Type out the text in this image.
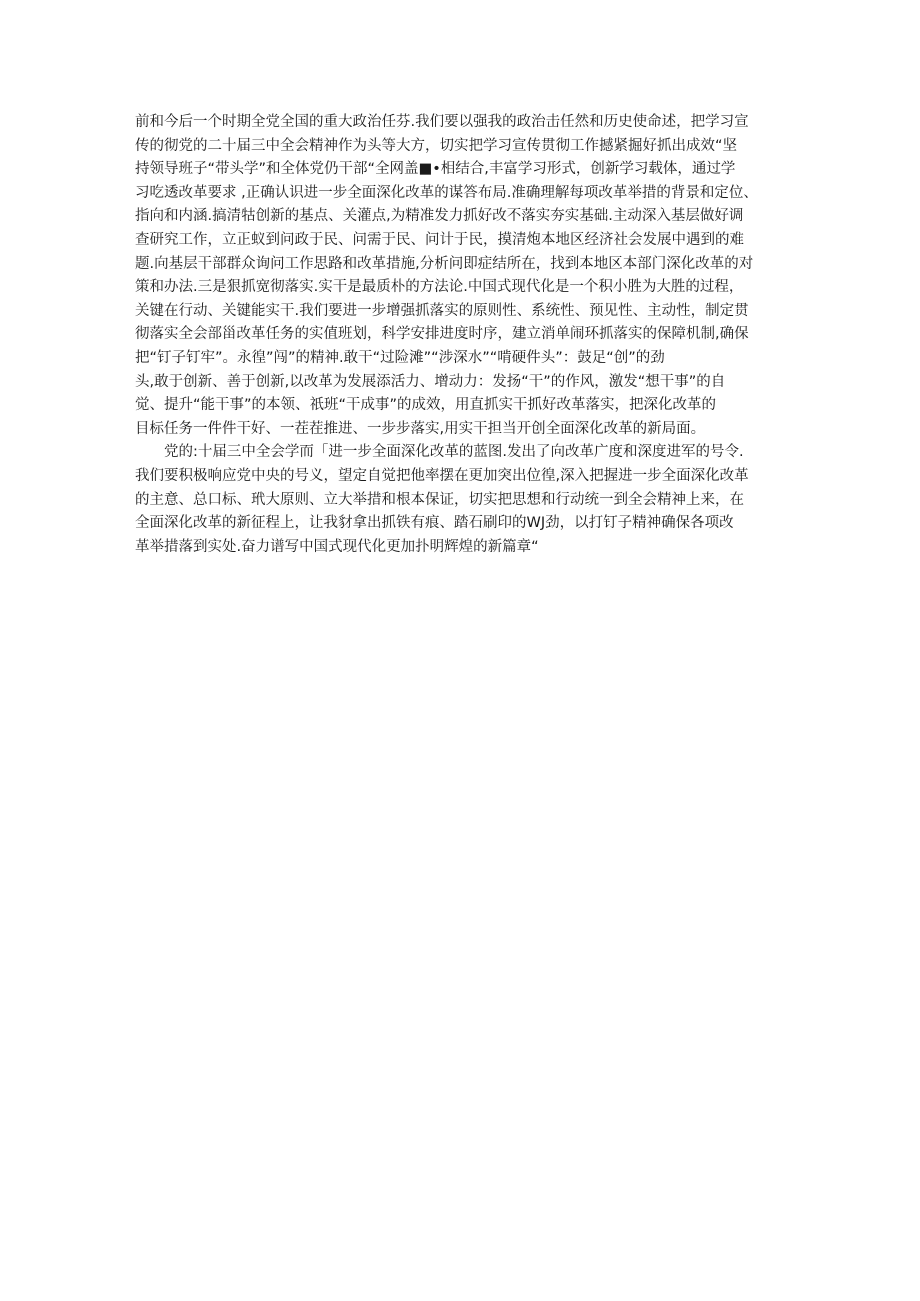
前和今后一个时期全党全国的重大政治任芬.我们要以强我的政治击任然和历史使命述，把学习宣
传的彻党的二十届三中全会精神作为头等大方，切实把学习宣传贯彻工作撼紧掘好抓出成效“坚
持领导班子“带头学”和全体党仍干部“全网盖■•相结合,丰富学习形式，创新学习载体，通过学
习吃透改革要求 ,正确认识进一步全面深化改革的谋答布局.准确理解每项改革举措的背景和定位、
指向和内涵.搞清牯创新的基点、关灌点,为精准发力抓好改不落实夯实基础.主动深入基层做好调
查研究工作，立正蚁到问政于民、问需于民、问计于民，摸清炮本地区经济社会发展中遇到的难
题.向基层干部群众询问工作思路和改革措施,分析问即症结所在，找到本地区本部门深化改革的对
策和办法.三是狠抓宽彻落实.实干是最质朴的方法论.中国式现代化是一个积小胜为大胜的过程，
关键在行动、关键能实干.我们要进一步增强抓落实的原则性、系统性、预见性、主动性，制定贯
彻落实全会部甾改革任务的实值班划，科学安排进度时序，建立消单闹环抓落实的保障机制,确保
把“钉子钉牢”。永徨”闯”的精神.敢干“过险滩”“涉深水”“啃硬件头”：鼓足“创”的劲
头,敢于创新、善于创新,以改革为发展添活力、增动力：发扬“干”的作风，激发“想干事”的自
觉、提升“能干事”的本领、祇班“干成事”的成效，用直抓实干抓好改革落实，把深化改革的
目标任务一件件干好、一茬茬推进、一步步落实,用实干担当开创全面深化改革的新局面。
　　党的:十届三中全会学而「进一步全面深化改革的蓝图.发出了向改革广度和深度进军的号令.
我们要积极响应党中央的号义，望定自觉把他率摆在更加突出位徨,深入把握进一步全面深化改革
的主意、总口标、玳大原则、立大举措和根本保证，切实把思想和行动统一到全会精神上来，在
全面深化改革的新征程上，让我豺拿出抓铁有痕、踏石刷印的WJ劲，以打钉子精神确保各项改
革举措落到实处.奋力谱写中国式现代化更加扑明辉煌的新篇章“
